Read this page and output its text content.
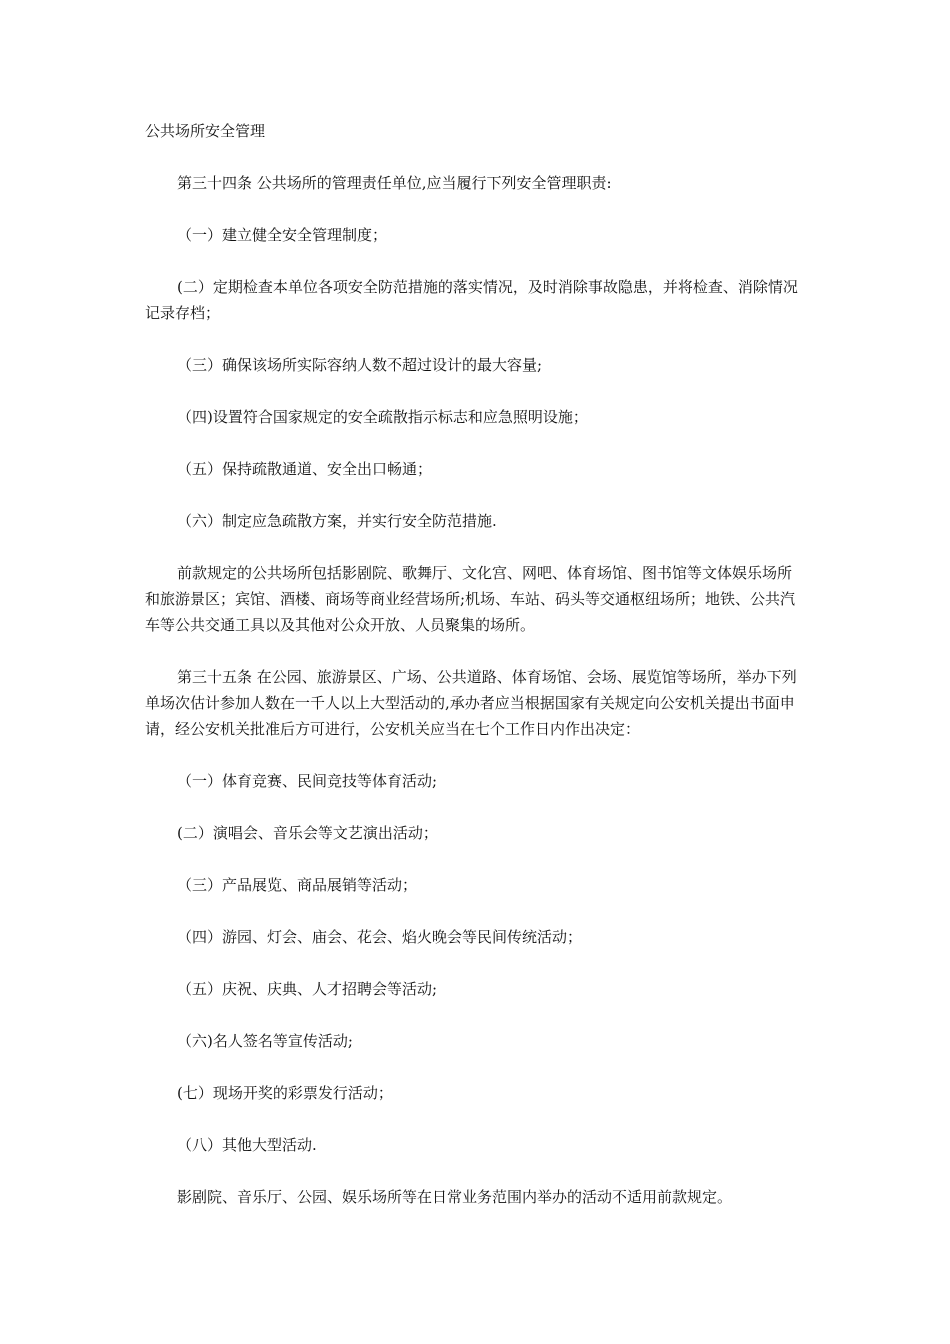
公共场所安全管理

第三十四条 公共场所的管理责任单位,应当履行下列安全管理职责:

（一）建立健全安全管理制度；

(二）定期检查本单位各项安全防范措施的落实情况，及时消除事故隐患，并将检查、消除情况记录存档；

（三）确保该场所实际容纳人数不超过设计的最大容量;

（四)设置符合国家规定的安全疏散指示标志和应急照明设施；

（五）保持疏散通道、安全出口畅通；

（六）制定应急疏散方案，并实行安全防范措施.

前款规定的公共场所包括影剧院、歌舞厅、文化宫、网吧、体育场馆、图书馆等文体娱乐场所和旅游景区；宾馆、酒楼、商场等商业经营场所;机场、车站、码头等交通枢纽场所；地铁、公共汽车等公共交通工具以及其他对公众开放、人员聚集的场所。

第三十五条 在公园、旅游景区、广场、公共道路、体育场馆、会场、展览馆等场所，举办下列单场次估计参加人数在一千人以上大型活动的,承办者应当根据国家有关规定向公安机关提出书面申请，经公安机关批准后方可进行，公安机关应当在七个工作日内作出决定：

（一）体育竞赛、民间竞技等体育活动;

(二）演唱会、音乐会等文艺演出活动；

（三）产品展览、商品展销等活动；

（四）游园、灯会、庙会、花会、焰火晚会等民间传统活动；

（五）庆祝、庆典、人才招聘会等活动;

（六)名人签名等宣传活动;

(七）现场开奖的彩票发行活动；

（八）其他大型活动.

影剧院、音乐厅、公园、娱乐场所等在日常业务范围内举办的活动不适用前款规定。
